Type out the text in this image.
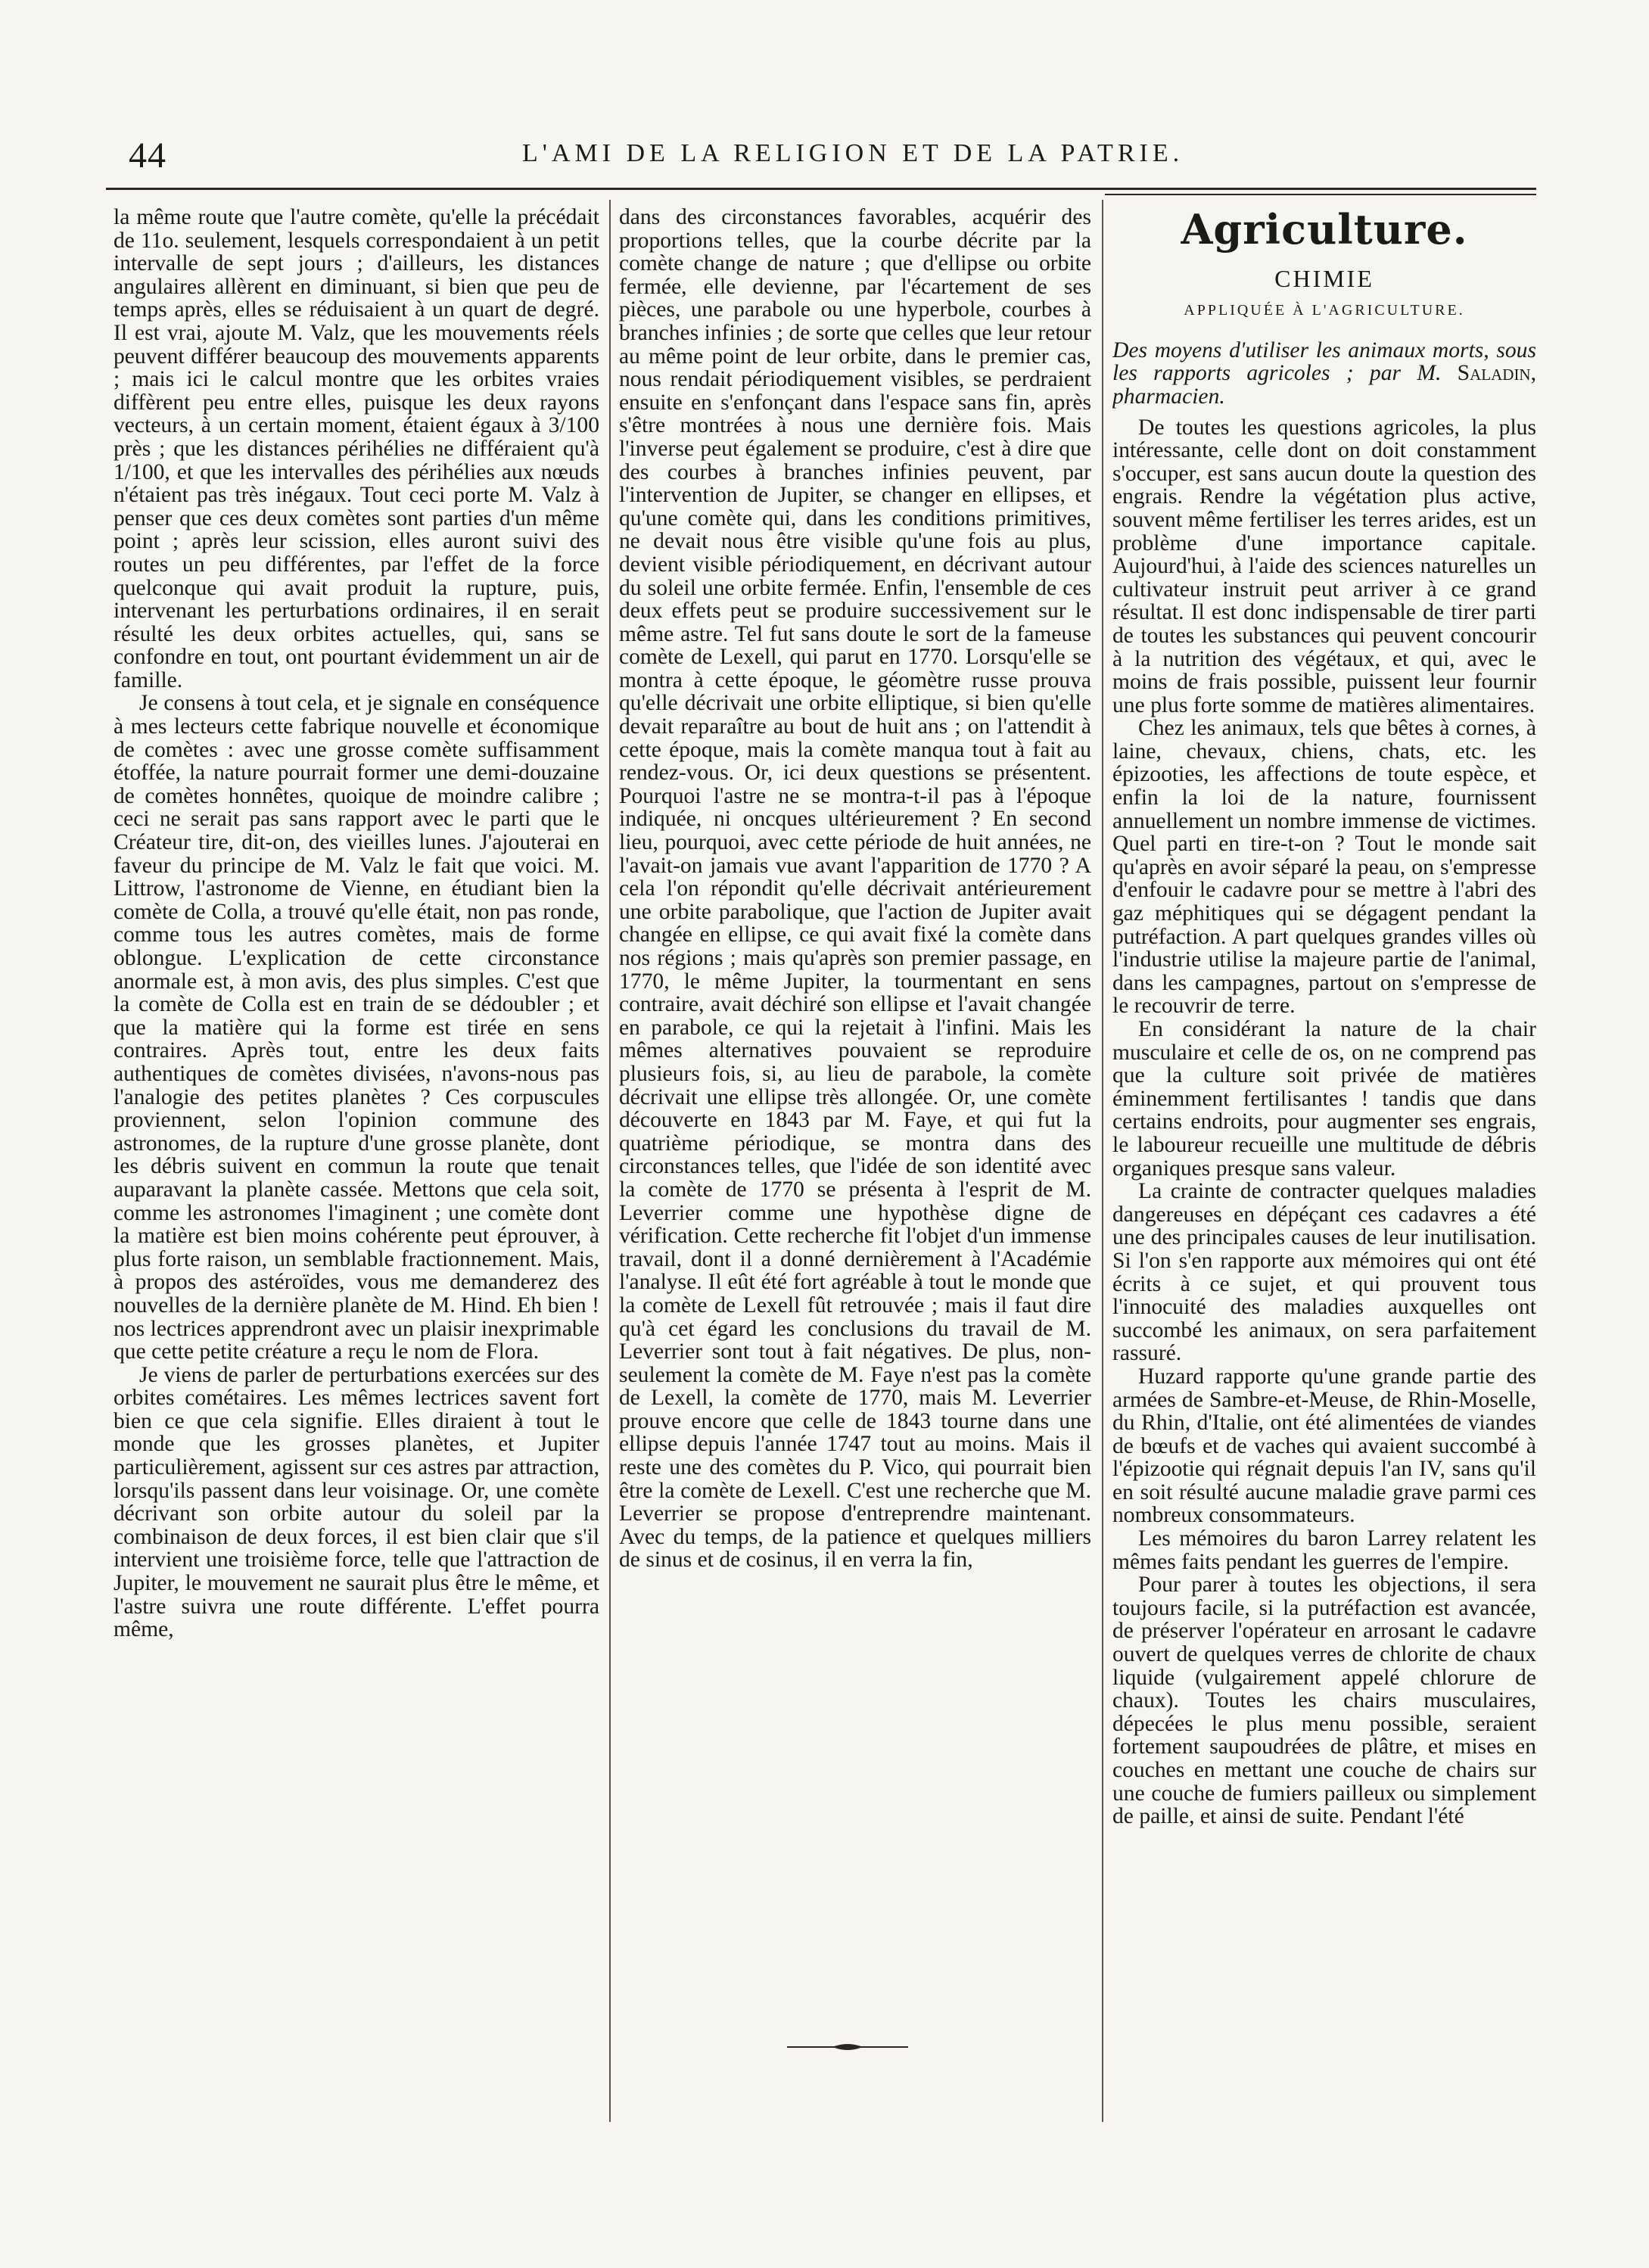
44	L'AMI DE LA RELIGION ET DE LA PATRIE.

la même route que l'autre comète, qu'elle la précédait de 11o. seulement, lesquels correspondaient à un petit intervalle de sept jours ; d'ailleurs, les distances angulaires allèrent en diminuant, si bien que peu de temps après, elles se réduisaient à un quart de degré. Il est vrai, ajoute M. Valz, que les mouvements réels peuvent différer beaucoup des mouvements apparents ; mais ici le calcul montre que les orbites vraies diffèrent peu entre elles, puisque les deux rayons vecteurs, à un certain moment, étaient égaux à 3/100 près ; que les distances périhélies ne différaient qu'à 1/100, et que les intervalles des périhélies aux nœuds n'étaient pas très inégaux. Tout ceci porte M. Valz à penser que ces deux comètes sont parties d'un même point ; après leur scission, elles auront suivi des routes un peu différentes, par l'effet de la force quelconque qui avait produit la rupture, puis, intervenant les perturbations ordinaires, il en serait résulté les deux orbites actuelles, qui, sans se confondre en tout, ont pourtant évidemment un air de famille.

Je consens à tout cela, et je signale en conséquence à mes lecteurs cette fabrique nouvelle et économique de comètes : avec une grosse comète suffisamment étoffée, la nature pourrait former une demi-douzaine de comètes honnêtes, quoique de moindre calibre ; ceci ne serait pas sans rapport avec le parti que le Créateur tire, dit-on, des vieilles lunes. J'ajouterai en faveur du principe de M. Valz le fait que voici. M. Littrow, l'astronome de Vienne, en étudiant bien la comète de Colla, a trouvé qu'elle était, non pas ronde, comme tous les autres comètes, mais de forme oblongue. L'explication de cette circonstance anormale est, à mon avis, des plus simples. C'est que la comète de Colla est en train de se dédoubler ; et que la matière qui la forme est tirée en sens contraires. Après tout, entre les deux faits authentiques de comètes divisées, n'avons-nous pas l'analogie des petites planètes ? Ces corpuscules proviennent, selon l'opinion commune des astronomes, de la rupture d'une grosse planète, dont les débris suivent en commun la route que tenait auparavant la planète cassée. Mettons que cela soit, comme les astronomes l'imaginent ; une comète dont la matière est bien moins cohérente peut éprouver, à plus forte raison, un semblable fractionnement. Mais, à propos des astéroïdes, vous me demanderez des nouvelles de la dernière planète de M. Hind. Eh bien ! nos lectrices apprendront avec un plaisir inexprimable que cette petite créature a reçu le nom de Flora.

Je viens de parler de perturbations exercées sur des orbites cométaires. Les mêmes lectrices savent fort bien ce que cela signifie. Elles diraient à tout le monde que les grosses planètes, et Jupiter particulièrement, agissent sur ces astres par attraction, lorsqu'ils passent dans leur voisinage. Or, une comète décrivant son orbite autour du soleil par la combinaison de deux forces, il est bien clair que s'il intervient une troisième force, telle que l'attraction de Jupiter, le mouvement ne saurait plus être le même, et l'astre suivra une route différente. L'effet pourra même,

dans des circonstances favorables, acquérir des proportions telles, que la courbe décrite par la comète change de nature ; que d'ellipse ou orbite fermée, elle devienne, par l'écartement de ses pièces, une parabole ou une hyperbole, courbes à branches infinies ; de sorte que celles que leur retour au même point de leur orbite, dans le premier cas, nous rendait périodiquement visibles, se perdraient ensuite en s'enfonçant dans l'espace sans fin, après s'être montrées à nous une dernière fois. Mais l'inverse peut également se produire, c'est à dire que des courbes à branches infinies peuvent, par l'intervention de Jupiter, se changer en ellipses, et qu'une comète qui, dans les conditions primitives, ne devait nous être visible qu'une fois au plus, devient visible périodiquement, en décrivant autour du soleil une orbite fermée. Enfin, l'ensemble de ces deux effets peut se produire successivement sur le même astre. Tel fut sans doute le sort de la fameuse comète de Lexell, qui parut en 1770. Lorsqu'elle se montra à cette époque, le géomètre russe prouva qu'elle décrivait une orbite elliptique, si bien qu'elle devait reparaître au bout de huit ans ; on l'attendit à cette époque, mais la comète manqua tout à fait au rendez-vous. Or, ici deux questions se présentent. Pourquoi l'astre ne se montra-t-il pas à l'époque indiquée, ni oncques ultérieurement ? En second lieu, pourquoi, avec cette période de huit années, ne l'avait-on jamais vue avant l'apparition de 1770 ? A cela l'on répondit qu'elle décrivait antérieurement une orbite parabolique, que l'action de Jupiter avait changée en ellipse, ce qui avait fixé la comète dans nos régions ; mais qu'après son premier passage, en 1770, le même Jupiter, la tourmentant en sens contraire, avait déchiré son ellipse et l'avait changée en parabole, ce qui la rejetait à l'infini. Mais les mêmes alternatives pouvaient se reproduire plusieurs fois, si, au lieu de parabole, la comète décrivait une ellipse très allongée. Or, une comète découverte en 1843 par M. Faye, et qui fut la quatrième périodique, se montra dans des circonstances telles, que l'idée de son identité avec la comète de 1770 se présenta à l'esprit de M. Leverrier comme une hypothèse digne de vérification. Cette recherche fit l'objet d'un immense travail, dont il a donné dernièrement à l'Académie l'analyse. Il eût été fort agréable à tout le monde que la comète de Lexell fût retrouvée ; mais il faut dire qu'à cet égard les conclusions du travail de M. Leverrier sont tout à fait négatives. De plus, non-seulement la comète de M. Faye n'est pas la comète de Lexell, la comète de 1770, mais M. Leverrier prouve encore que celle de 1843 tourne dans une ellipse depuis l'année 1747 tout au moins. Mais il reste une des comètes du P. Vico, qui pourrait bien être la comète de Lexell. C'est une recherche que M. Leverrier se propose d'entreprendre maintenant. Avec du temps, de la patience et quelques milliers de sinus et de cosinus, il en verra la fin,

Agriculture.
CHIMIE
APPLIQUÉE À L'AGRICULTURE.

Des moyens d'utiliser les animaux morts, sous les rapports agricoles ; par M. Saladin, pharmacien.

De toutes les questions agricoles, la plus intéressante, celle dont on doit constamment s'occuper, est sans aucun doute la question des engrais. Rendre la végétation plus active, souvent même fertiliser les terres arides, est un problème d'une importance capitale. Aujourd'hui, à l'aide des sciences naturelles un cultivateur instruit peut arriver à ce grand résultat. Il est donc indispensable de tirer parti de toutes les substances qui peuvent concourir à la nutrition des végétaux, et qui, avec le moins de frais possible, puissent leur fournir une plus forte somme de matières alimentaires.

Chez les animaux, tels que bêtes à cornes, à laine, chevaux, chiens, chats, etc. les épizooties, les affections de toute espèce, et enfin la loi de la nature, fournissent annuellement un nombre immense de victimes. Quel parti en tire-t-on ? Tout le monde sait qu'après en avoir séparé la peau, on s'empresse d'enfouir le cadavre pour se mettre à l'abri des gaz méphitiques qui se dégagent pendant la putréfaction. A part quelques grandes villes où l'industrie utilise la majeure partie de l'animal, dans les campagnes, partout on s'empresse de le recouvrir de terre.

En considérant la nature de la chair musculaire et celle de os, on ne comprend pas que la culture soit privée de matières éminemment fertilisantes ! tandis que dans certains endroits, pour augmenter ses engrais, le laboureur recueille une multitude de débris organiques presque sans valeur.

La crainte de contracter quelques maladies dangereuses en dépéçant ces cadavres a été une des principales causes de leur inutilisation. Si l'on s'en rapporte aux mémoires qui ont été écrits à ce sujet, et qui prouvent tous l'innocuité des maladies auxquelles ont succombé les animaux, on sera parfaitement rassuré.

Huzard rapporte qu'une grande partie des armées de Sambre-et-Meuse, de Rhin-Moselle, du Rhin, d'Italie, ont été alimentées de viandes de bœufs et de vaches qui avaient succombé à l'épizootie qui régnait depuis l'an IV, sans qu'il en soit résulté aucune maladie grave parmi ces nombreux consommateurs.

Les mémoires du baron Larrey relatent les mêmes faits pendant les guerres de l'empire.

Pour parer à toutes les objections, il sera toujours facile, si la putréfaction est avancée, de préserver l'opérateur en arrosant le cadavre ouvert de quelques verres de chlorite de chaux liquide (vulgairement appelé chlorure de chaux). Toutes les chairs musculaires, dépecées le plus menu possible, seraient fortement saupoudrées de plâtre, et mises en couches en mettant une couche de chairs sur une couche de fumiers pailleux ou simplement de paille, et ainsi de suite. Pendant l'été
